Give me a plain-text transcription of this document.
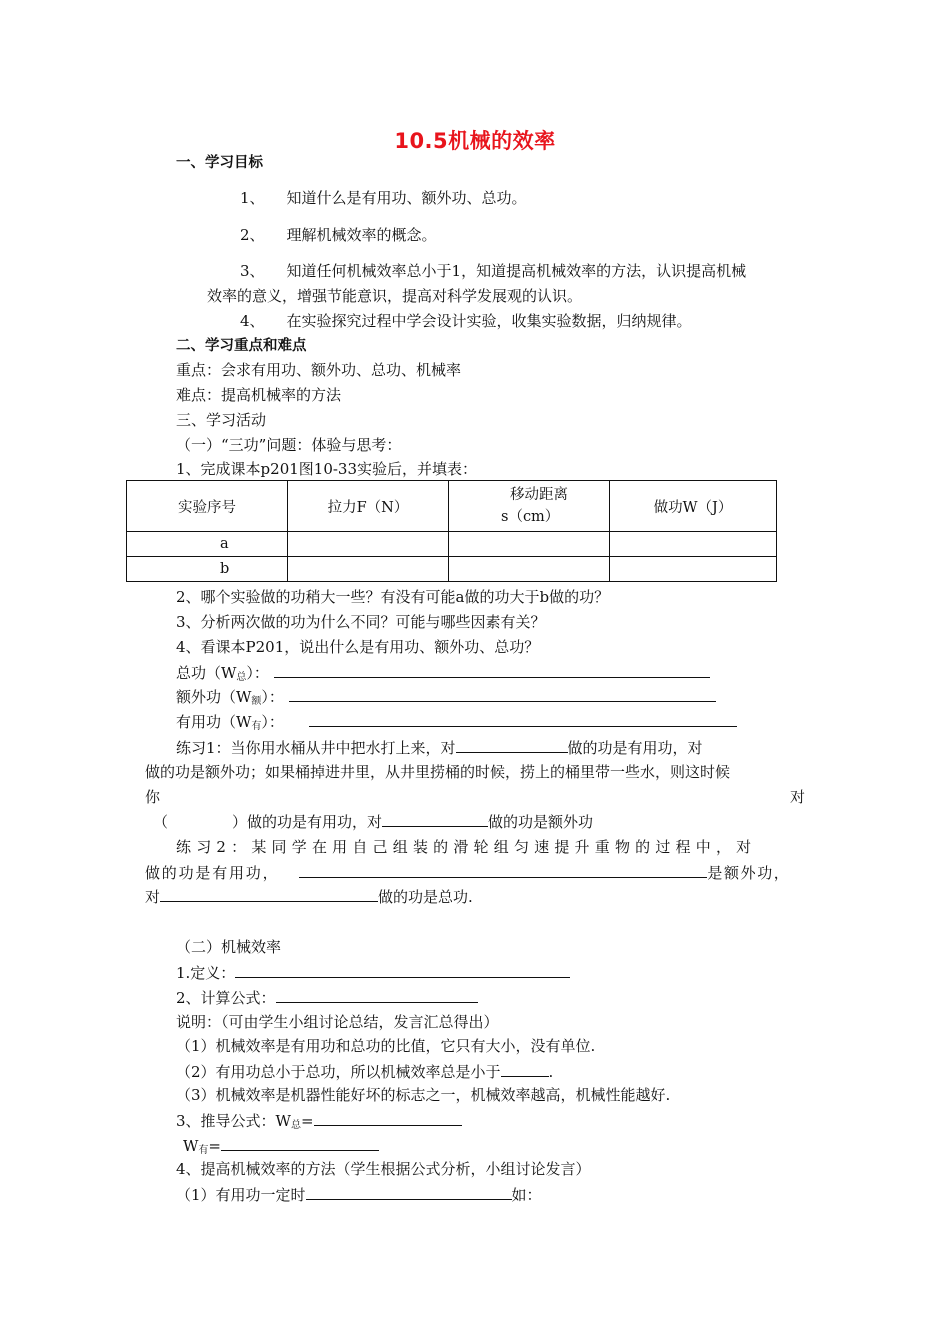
10.5机械的效率
一、学习目标
1、 知道什么是有用功、额外功、总功。
2、 理解机械效率的概念。
3、 知道任何机械效率总小于1，知道提高机械效率的方法，认识提高机械
效率的意义，增强节能意识，提高对科学发展观的认识。
4、 在实验探究过程中学会设计实验，收集实验数据，归纳规律。
二、学习重点和难点
重点：会求有用功、额外功、总功、机械率
难点：提高机械率的方法
三、学习活动
（一）“三功”问题：体验与思考：
1、完成课本p201图10-33实验后，并填表：
实验序号	拉力F（N）	移动距离
s（cm）	做功W（J）
a			
b			
2、哪个实验做的功稍大一些？有没有可能a做的功大于b做的功？
3、分析两次做的功为什么不同？可能与哪些因素有关？
4、看课本P201，说出什么是有用功、额外功、总功？
总功$(W_总)$：
额外功$(W_额)$：
有用功$(W_有)$：
练习1：当你用水桶从井中把水打上来，对	做的功是有用功，对
做的功是额外功；如果桶掉进井里，从井里捞桶的时候，捞上的桶里带一些水，则这时候
你	对
（	）做的功是有用功，对	做的功是额外功
练习2：某同学在用自己组装的滑轮组匀速提升重物的过程中，对
做的功是有用功，	是额外功，
对	做的功是总功.
（二）机械效率
1.定义：
2、计算公式：
说明：（可由学生小组讨论总结，发言汇总得出）
（1）机械效率是有用功和总功的比值，它只有大小，没有单位.
（2）有用功总小于总功，所以机械效率总是小于	.
（3）机械效率是机器性能好坏的标志之一，机械效率越高，机械性能越好.
3、推导公式：$W_总=$
$W_有=$
4、提高机械效率的方法（学生根据公式分析，小组讨论发言）
（1）有用功一定时	如：
